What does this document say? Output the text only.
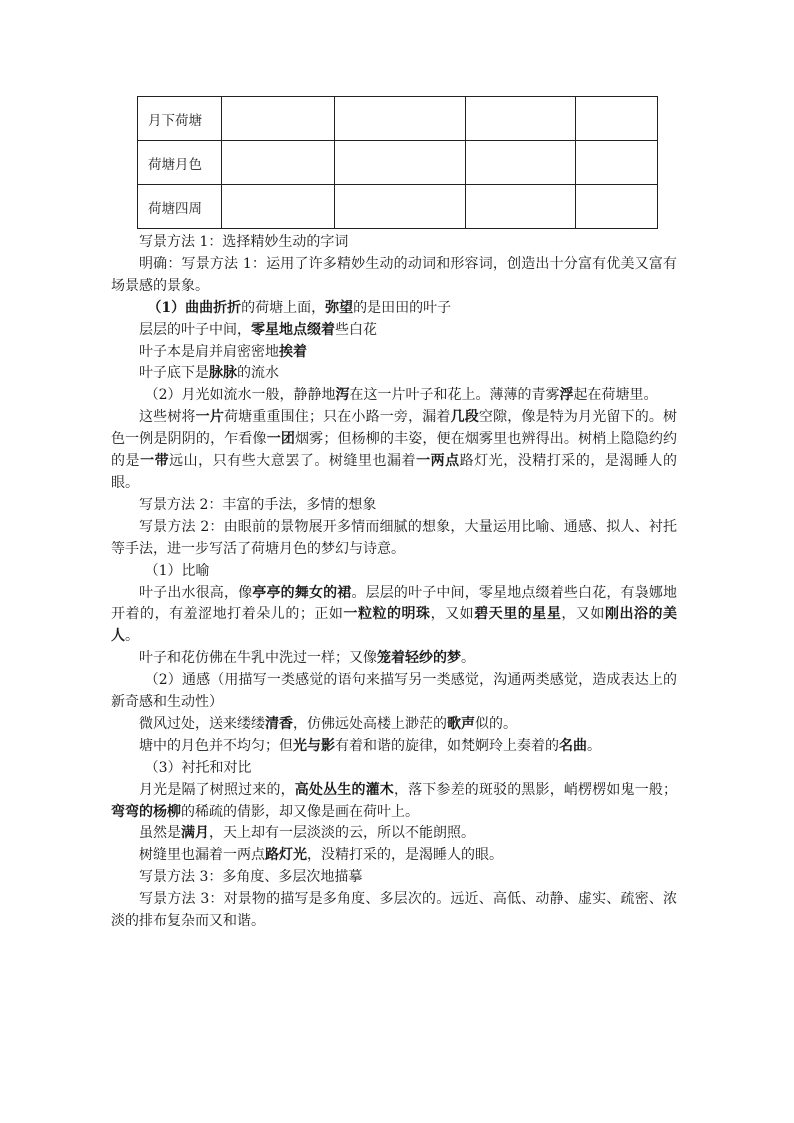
月下荷塘				
荷塘月色				
荷塘四周				

写景方法 1：选择精妙生动的字词

明确：写景方法 1：运用了许多精妙生动的动词和形容词，创造出十分富有优美又富有场景感的景象。

（1）曲曲折折的荷塘上面，弥望的是田田的叶子

层层的叶子中间，零星地点缀着些白花

叶子本是肩并肩密密地挨着

叶子底下是脉脉的流水

（2）月光如流水一般，静静地泻在这一片叶子和花上。薄薄的青雾浮起在荷塘里。

这些树将一片荷塘重重围住；只在小路一旁，漏着几段空隙，像是特为月光留下的。树色一例是阴阴的，乍看像一团烟雾；但杨柳的丰姿，便在烟雾里也辨得出。树梢上隐隐约约的是一带远山，只有些大意罢了。树缝里也漏着一两点路灯光，没精打采的，是渴睡人的眼。

写景方法 2：丰富的手法，多情的想象

写景方法 2：由眼前的景物展开多情而细腻的想象，大量运用比喻、通感、拟人、衬托等手法，进一步写活了荷塘月色的梦幻与诗意。

（1）比喻

叶子出水很高，像亭亭的舞女的裙。层层的叶子中间，零星地点缀着些白花，有袅娜地开着的，有羞涩地打着朵儿的；正如一粒粒的明珠，又如碧天里的星星，又如刚出浴的美人。

叶子和花仿佛在牛乳中洗过一样；又像笼着轻纱的梦。

（2）通感（用描写一类感觉的语句来描写另一类感觉，沟通两类感觉，造成表达上的新奇感和生动性）

微风过处，送来缕缕清香，仿佛远处高楼上渺茫的歌声似的。

塘中的月色并不均匀；但光与影有着和谐的旋律，如梵婀玲上奏着的名曲。

（3）衬托和对比

月光是隔了树照过来的，高处丛生的灌木，落下参差的斑驳的黑影，峭楞楞如鬼一般；弯弯的杨柳的稀疏的倩影，却又像是画在荷叶上。

虽然是满月，天上却有一层淡淡的云，所以不能朗照。

树缝里也漏着一两点路灯光，没精打采的，是渴睡人的眼。

写景方法 3：多角度、多层次地描摹

写景方法 3：对景物的描写是多角度、多层次的。远近、高低、动静、虚实、疏密、浓淡的排布复杂而又和谐。
